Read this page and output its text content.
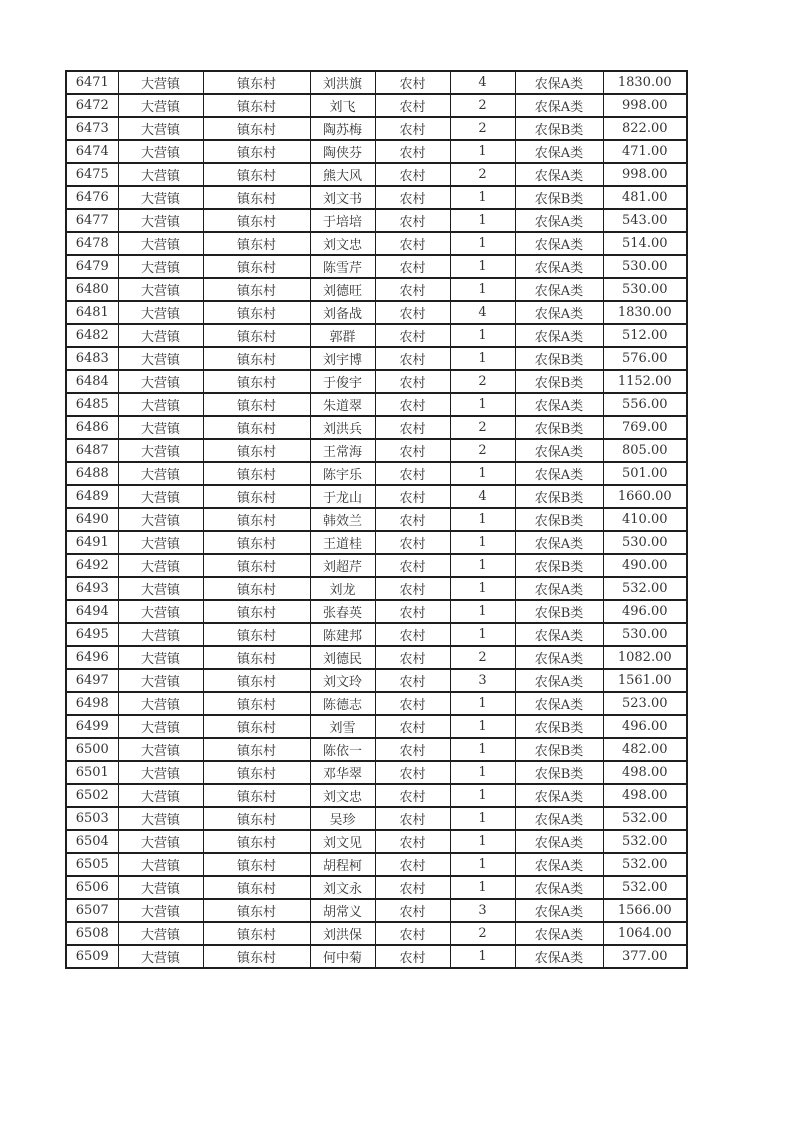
6471	大营镇	镇东村	刘洪旗	农村	4	农保A类	1830.00
6472	大营镇	镇东村	刘飞	农村	2	农保A类	998.00
6473	大营镇	镇东村	陶苏梅	农村	2	农保B类	822.00
6474	大营镇	镇东村	陶侠芬	农村	1	农保A类	471.00
6475	大营镇	镇东村	熊大风	农村	2	农保A类	998.00
6476	大营镇	镇东村	刘文书	农村	1	农保B类	481.00
6477	大营镇	镇东村	于培培	农村	1	农保A类	543.00
6478	大营镇	镇东村	刘文忠	农村	1	农保A类	514.00
6479	大营镇	镇东村	陈雪芹	农村	1	农保A类	530.00
6480	大营镇	镇东村	刘德旺	农村	1	农保A类	530.00
6481	大营镇	镇东村	刘备战	农村	4	农保A类	1830.00
6482	大营镇	镇东村	郭群	农村	1	农保A类	512.00
6483	大营镇	镇东村	刘宇博	农村	1	农保B类	576.00
6484	大营镇	镇东村	于俊宇	农村	2	农保B类	1152.00
6485	大营镇	镇东村	朱道翠	农村	1	农保A类	556.00
6486	大营镇	镇东村	刘洪兵	农村	2	农保B类	769.00
6487	大营镇	镇东村	王常海	农村	2	农保A类	805.00
6488	大营镇	镇东村	陈宇乐	农村	1	农保A类	501.00
6489	大营镇	镇东村	于龙山	农村	4	农保B类	1660.00
6490	大营镇	镇东村	韩效兰	农村	1	农保B类	410.00
6491	大营镇	镇东村	王道桂	农村	1	农保A类	530.00
6492	大营镇	镇东村	刘超芹	农村	1	农保B类	490.00
6493	大营镇	镇东村	刘龙	农村	1	农保A类	532.00
6494	大营镇	镇东村	张春英	农村	1	农保B类	496.00
6495	大营镇	镇东村	陈建邦	农村	1	农保A类	530.00
6496	大营镇	镇东村	刘德民	农村	2	农保A类	1082.00
6497	大营镇	镇东村	刘文玲	农村	3	农保A类	1561.00
6498	大营镇	镇东村	陈德志	农村	1	农保A类	523.00
6499	大营镇	镇东村	刘雪	农村	1	农保B类	496.00
6500	大营镇	镇东村	陈依一	农村	1	农保B类	482.00
6501	大营镇	镇东村	邓华翠	农村	1	农保B类	498.00
6502	大营镇	镇东村	刘文忠	农村	1	农保A类	498.00
6503	大营镇	镇东村	吴珍	农村	1	农保A类	532.00
6504	大营镇	镇东村	刘文见	农村	1	农保A类	532.00
6505	大营镇	镇东村	胡程柯	农村	1	农保A类	532.00
6506	大营镇	镇东村	刘文永	农村	1	农保A类	532.00
6507	大营镇	镇东村	胡常义	农村	3	农保A类	1566.00
6508	大营镇	镇东村	刘洪保	农村	2	农保A类	1064.00
6509	大营镇	镇东村	何中菊	农村	1	农保A类	377.00
